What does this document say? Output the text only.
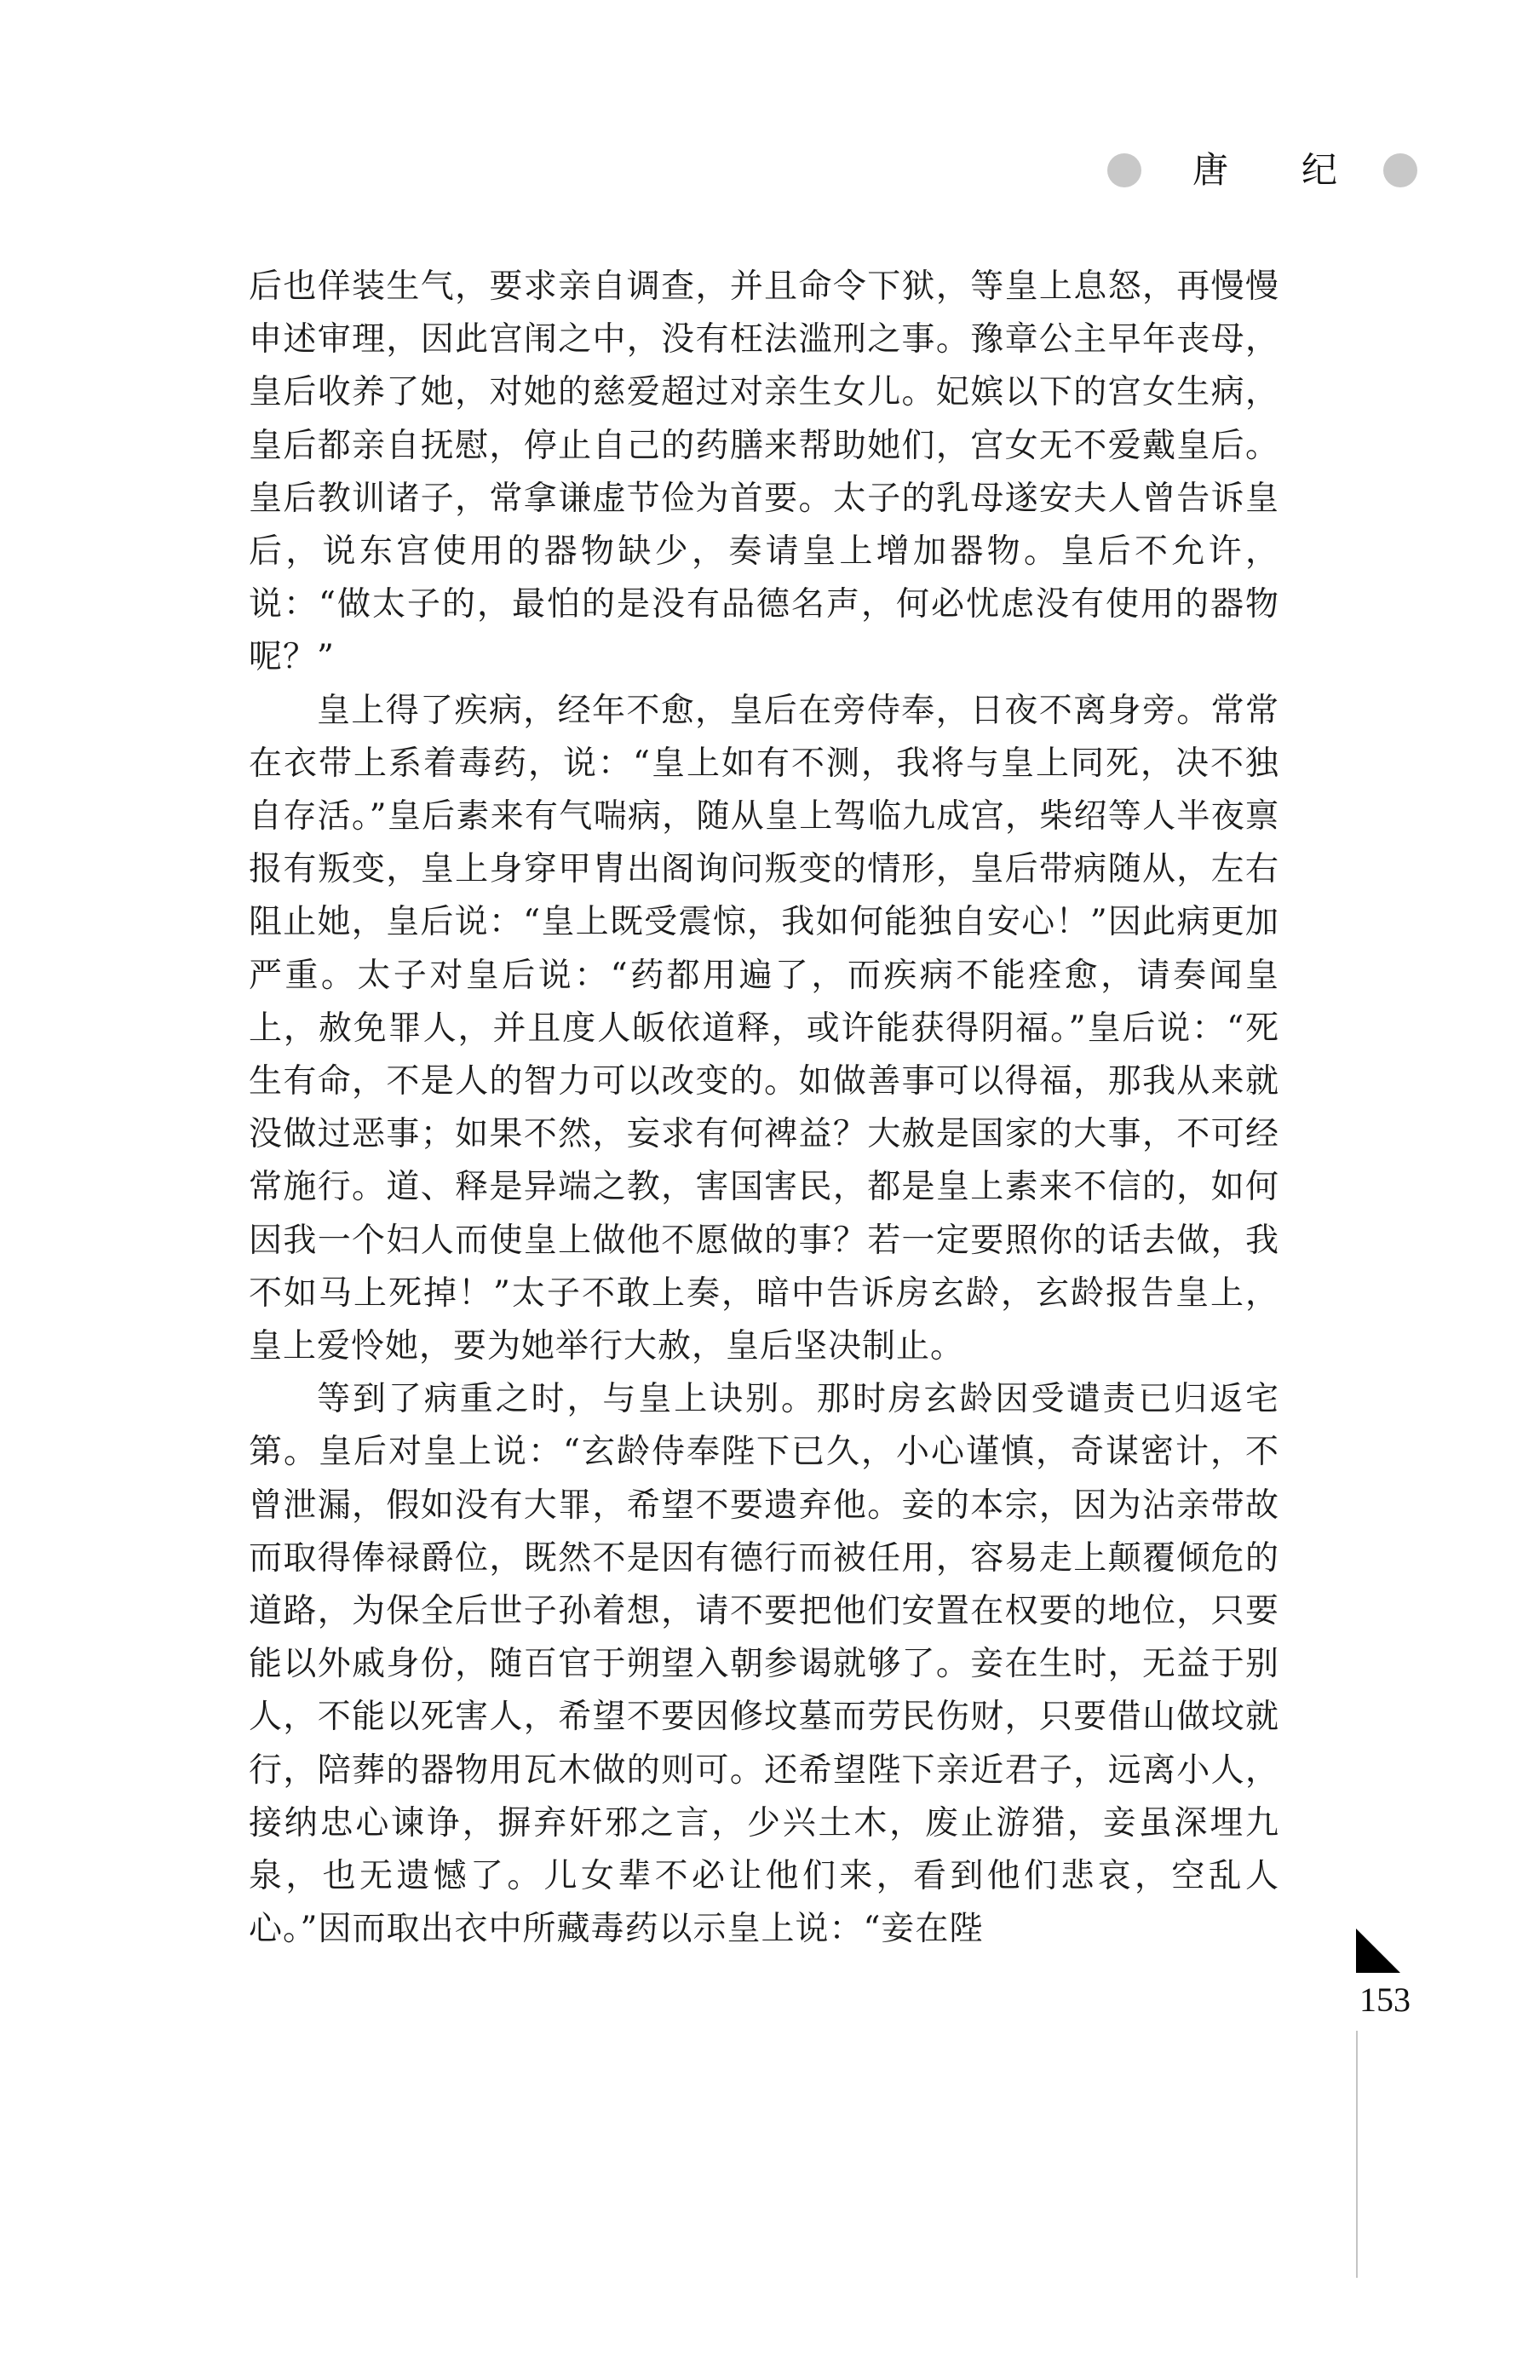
唐 纪

后也佯装生气，要求亲自调查，并且命令下狱，等皇上息怒，再慢慢申述审理，因此宫闱之中，没有枉法滥刑之事。豫章公主早年丧母，皇后收养了她，对她的慈爱超过对亲生女儿。妃嫔以下的宫女生病，皇后都亲自抚慰，停止自己的药膳来帮助她们，宫女无不爱戴皇后。皇后教训诸子，常拿谦虚节俭为首要。太子的乳母遂安夫人曾告诉皇后，说东宫使用的器物缺少，奏请皇上增加器物。皇后不允许，说：“做太子的，最怕的是没有品德名声，何必忧虑没有使用的器物呢？”

皇上得了疾病，经年不愈，皇后在旁侍奉，日夜不离身旁。常常在衣带上系着毒药，说：“皇上如有不测，我将与皇上同死，决不独自存活。”皇后素来有气喘病，随从皇上驾临九成宫，柴绍等人半夜禀报有叛变，皇上身穿甲胄出阁询问叛变的情形，皇后带病随从，左右阻止她，皇后说：“皇上既受震惊，我如何能独自安心！”因此病更加严重。太子对皇后说：“药都用遍了，而疾病不能痊愈，请奏闻皇上，赦免罪人，并且度人皈依道释，或许能获得阴福。”皇后说：“死生有命，不是人的智力可以改变的。如做善事可以得福，那我从来就没做过恶事；如果不然，妄求有何裨益？大赦是国家的大事，不可经常施行。道、释是异端之教，害国害民，都是皇上素来不信的，如何因我一个妇人而使皇上做他不愿做的事？若一定要照你的话去做，我不如马上死掉！”太子不敢上奏，暗中告诉房玄龄，玄龄报告皇上，皇上爱怜她，要为她举行大赦，皇后坚决制止。

等到了病重之时，与皇上诀别。那时房玄龄因受谴责已归返宅第。皇后对皇上说：“玄龄侍奉陛下已久，小心谨慎，奇谋密计，不曾泄漏，假如没有大罪，希望不要遗弃他。妾的本宗，因为沾亲带故而取得俸禄爵位，既然不是因有德行而被任用，容易走上颠覆倾危的道路，为保全后世子孙着想，请不要把他们安置在权要的地位，只要能以外戚身份，随百官于朔望入朝参谒就够了。妾在生时，无益于别人，不能以死害人，希望不要因修坟墓而劳民伤财，只要借山做坟就行，陪葬的器物用瓦木做的则可。还希望陛下亲近君子，远离小人，接纳忠心谏诤，摒弃奸邪之言，少兴土木，废止游猎，妾虽深埋九泉，也无遗憾了。儿女辈不必让他们来，看到他们悲哀，空乱人心。”因而取出衣中所藏毒药以示皇上说：“妾在陛

153
